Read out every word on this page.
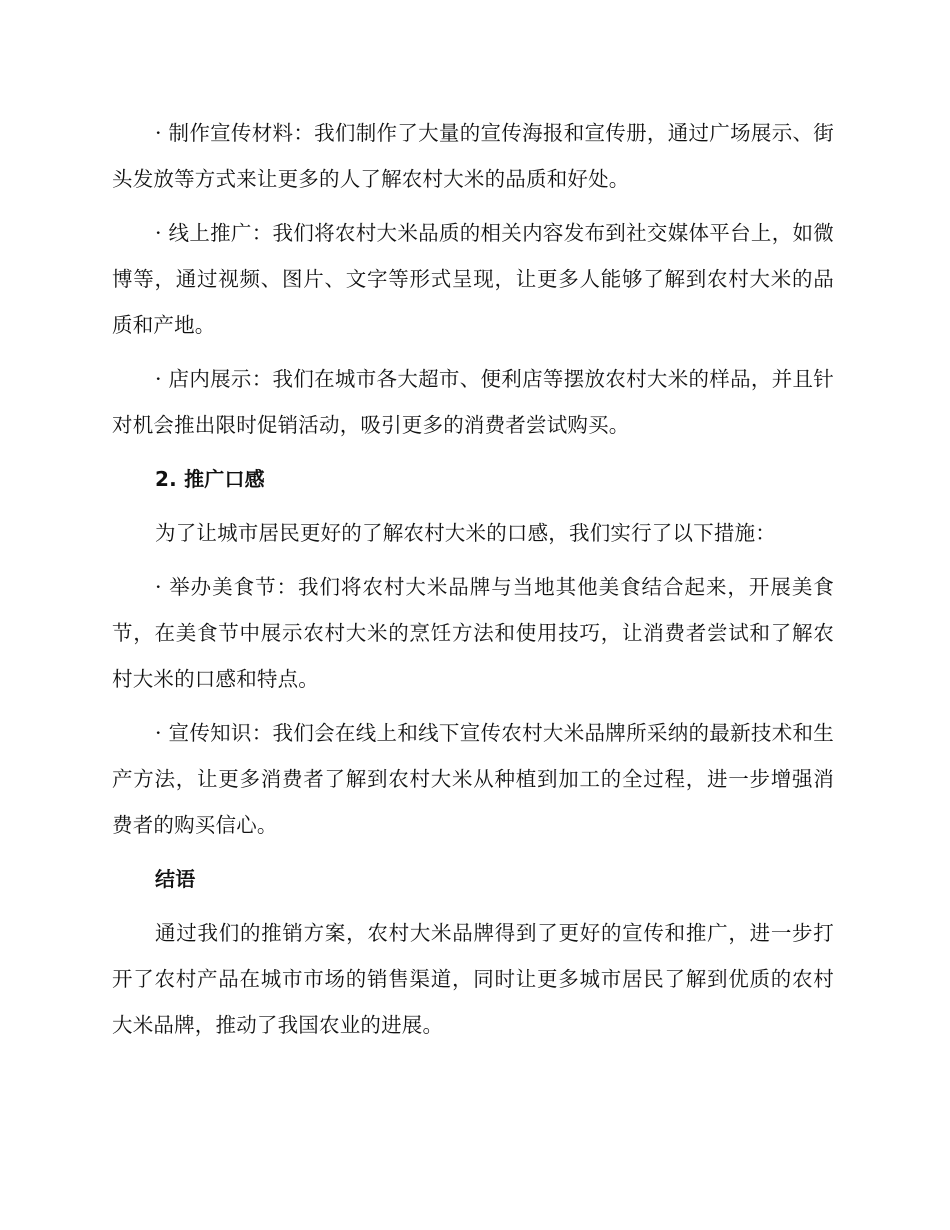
· 制作宣传材料：我们制作了大量的宣传海报和宣传册，通过广场展示、街头发放等方式来让更多的人了解农村大米的品质和好处。

· 线上推广：我们将农村大米品质的相关内容发布到社交媒体平台上，如微博等，通过视频、图片、文字等形式呈现，让更多人能够了解到农村大米的品质和产地。

· 店内展示：我们在城市各大超市、便利店等摆放农村大米的样品，并且针对机会推出限时促销活动，吸引更多的消费者尝试购买。

2. 推广口感

为了让城市居民更好的了解农村大米的口感，我们实行了以下措施：

· 举办美食节：我们将农村大米品牌与当地其他美食结合起来，开展美食节，在美食节中展示农村大米的烹饪方法和使用技巧，让消费者尝试和了解农村大米的口感和特点。

· 宣传知识：我们会在线上和线下宣传农村大米品牌所采纳的最新技术和生产方法，让更多消费者了解到农村大米从种植到加工的全过程，进一步增强消费者的购买信心。

结语

通过我们的推销方案，农村大米品牌得到了更好的宣传和推广，进一步打开了农村产品在城市市场的销售渠道，同时让更多城市居民了解到优质的农村大米品牌，推动了我国农业的进展。
